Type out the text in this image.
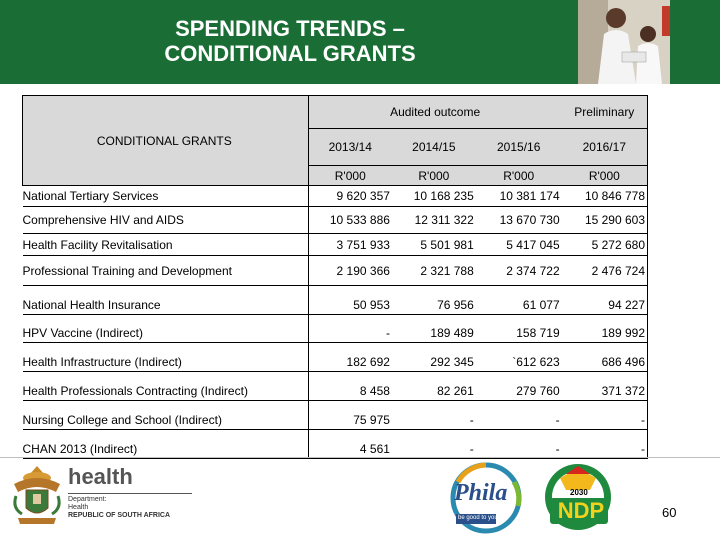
SPENDING TRENDS –
CONDITIONAL GRANTS
CONDITIONAL GRANTS	Audited outcome			Preliminary
	2013/14	2014/15	2015/16	2016/17
	R'000	R'000	R'000	R'000
National Tertiary Services	9 620 357	10 168 235	10 381 174	10 846 778
Comprehensive HIV and AIDS	10 533 886	12 311 322	13 670 730	15 290 603
Health Facility Revitalisation	3 751 933	5 501 981	5 417 045	5 272 680
Professional Training and Development	2 190 366	2 321 788	2 374 722	2 476 724
National Health Insurance	50 953	76 956	61 077	94 227
HPV Vaccine (Indirect)	-	189 489	158 719	189 992
Health Infrastructure (Indirect)	182 692	292 345	`612 623	686 496
Health Professionals Contracting (Indirect)	8 458	82 261	279 760	371 372
Nursing College and School (Indirect)	75 975	-	-	-
CHAN 2013 (Indirect)	4 561	-	-	-
health
Department:
Health
REPUBLIC OF SOUTH AFRICA
Phila
be good to you
2030
NDP	60
